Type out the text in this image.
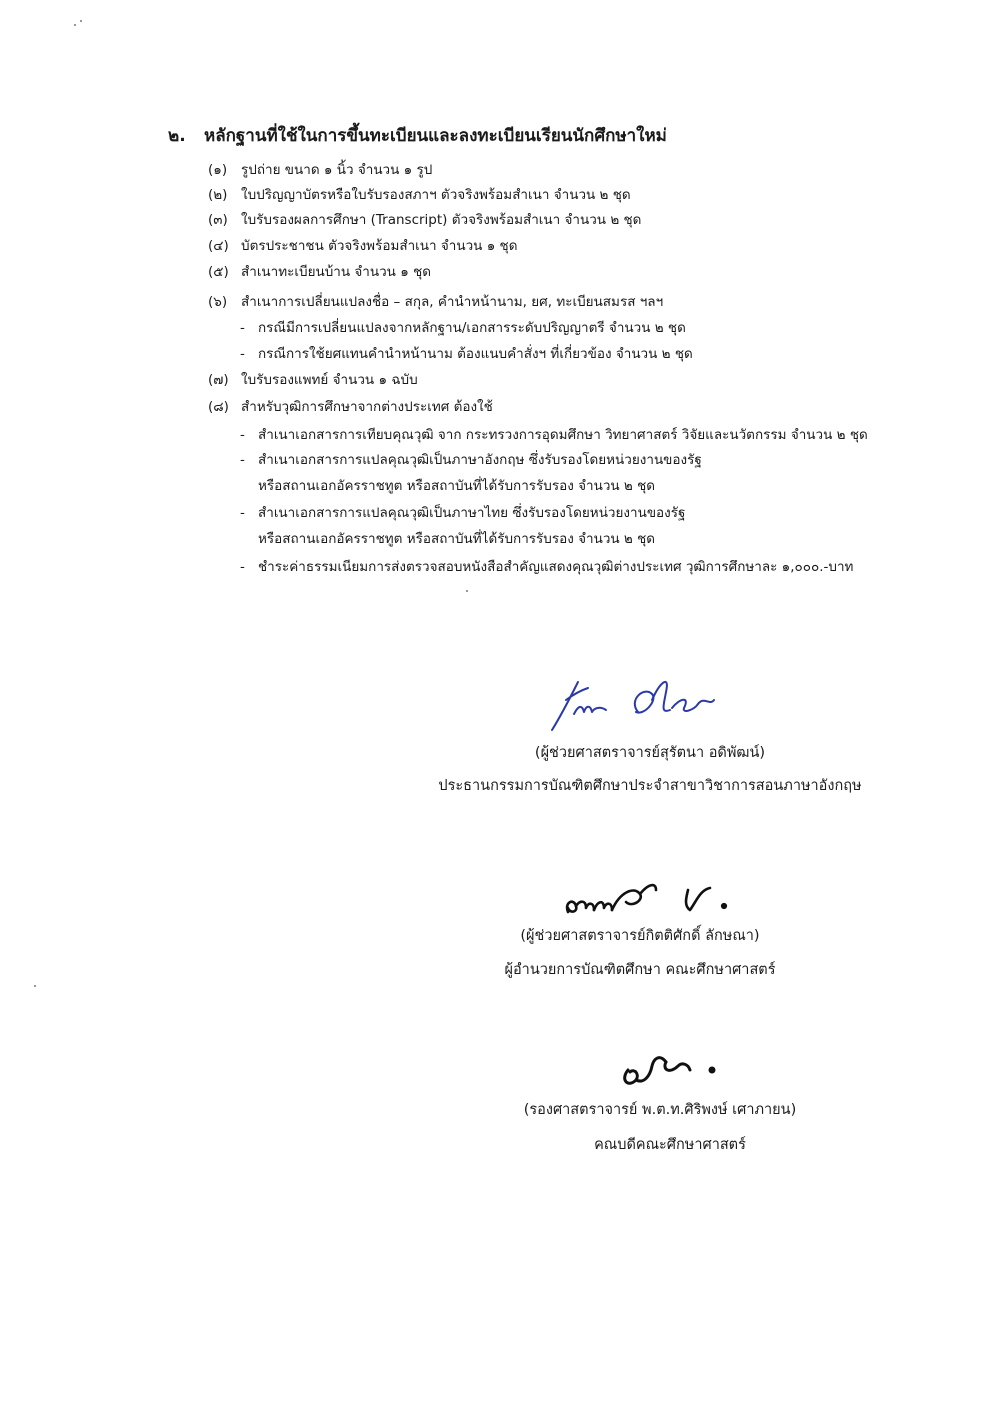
๒. หลักฐานที่ใช้ในการขึ้นทะเบียนและลงทะเบียนเรียนนักศึกษาใหม่
(๑) รูปถ่าย ขนาด ๑ นิ้ว จำนวน ๑ รูป
(๒) ใบปริญญาบัตรหรือใบรับรองสภาฯ ตัวจริงพร้อมสำเนา จำนวน ๒ ชุด
(๓) ใบรับรองผลการศึกษา (Transcript) ตัวจริงพร้อมสำเนา จำนวน ๒ ชุด
(๔) บัตรประชาชน ตัวจริงพร้อมสำเนา จำนวน ๑ ชุด
(๕) สำเนาทะเบียนบ้าน จำนวน ๑ ชุด
(๖) สำเนาการเปลี่ยนแปลงชื่อ – สกุล, คำนำหน้านาม, ยศ, ทะเบียนสมรส ฯลฯ
- กรณีมีการเปลี่ยนแปลงจากหลักฐาน/เอกสารระดับปริญญาตรี จำนวน ๒ ชุด
- กรณีการใช้ยศแทนคำนำหน้านาม ต้องแนบคำสั่งฯ ที่เกี่ยวข้อง จำนวน ๒ ชุด
(๗) ใบรับรองแพทย์ จำนวน ๑ ฉบับ
(๘) สำหรับวุฒิการศึกษาจากต่างประเทศ ต้องใช้
- สำเนาเอกสารการเทียบคุณวุฒิ จาก กระทรวงการอุดมศึกษา วิทยาศาสตร์ วิจัยและนวัตกรรม จำนวน ๒ ชุด
- สำเนาเอกสารการแปลคุณวุฒิเป็นภาษาอังกฤษ ซึ่งรับรองโดยหน่วยงานของรัฐ
หรือสถานเอกอัครราชทูต หรือสถาบันที่ได้รับการรับรอง จำนวน ๒ ชุด
- สำเนาเอกสารการแปลคุณวุฒิเป็นภาษาไทย ซึ่งรับรองโดยหน่วยงานของรัฐ
หรือสถานเอกอัครราชทูต หรือสถาบันที่ได้รับการรับรอง จำนวน ๒ ชุด
- ชำระค่าธรรมเนียมการส่งตรวจสอบหนังสือสำคัญแสดงคุณวุฒิต่างประเทศ วุฒิการศึกษาละ ๑,๐๐๐.-บาท
(ผู้ช่วยศาสตราจารย์สุรัตนา อดิพัฒน์)
ประธานกรรมการบัณฑิตศึกษาประจำสาขาวิชาการสอนภาษาอังกฤษ
(ผู้ช่วยศาสตราจารย์กิตติศักดิ์ ลักษณา)
ผู้อำนวยการบัณฑิตศึกษา คณะศึกษาศาสตร์
(รองศาสตราจารย์ พ.ต.ท.ศิริพงษ์ เศาภายน)
คณบดีคณะศึกษาศาสตร์
